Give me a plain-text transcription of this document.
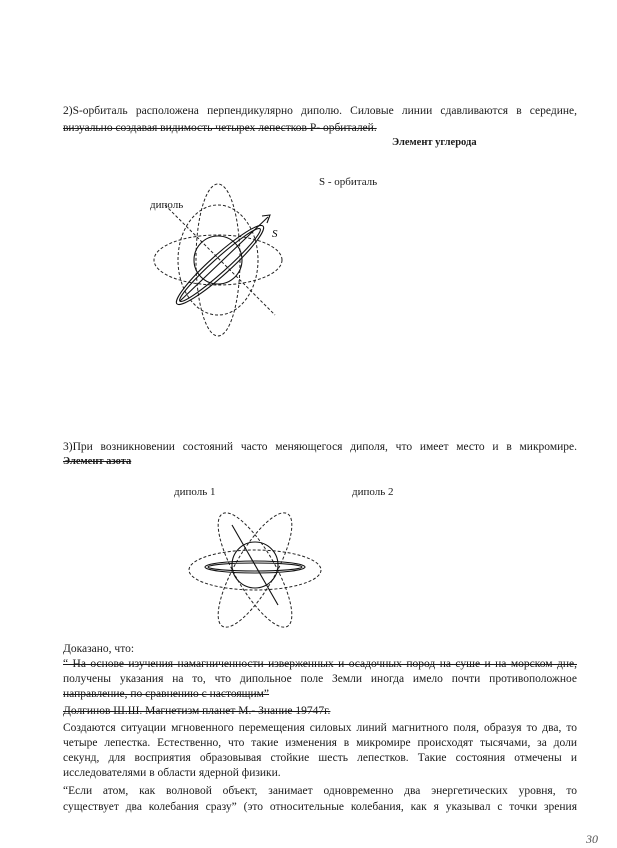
2)S-орбиталь расположена перпендикулярно диполю. Силовые линии сдавливаются в середине,
визуально создавая видимость четырех лепестков Р- орбиталей.
Элемент углерода
S - орбиталь
диполь
S
3)При возникновении состояний часто меняющегося диполя, что имеет место и в микромире.
Элемент азота
диполь 1	диполь 2
Доказано, что:
“ На основе изучения намагниченности изверженных и осадочных пород на суше и на морском дне,
получены указания на то, что дипольное поле Земли иногда имело почти противоположное
направление, по сравнению с настоящим”
Долгинов Ш.Ш. Магнетизм планет М.- Знание 19747г.
Создаются ситуации мгновенного перемещения силовых линий магнитного поля, образуя то два, то
четыре лепестка. Естественно, что такие изменения в микромире происходят тысячами, за доли
секунд, для восприятия образовывая стойкие шесть лепестков. Такие состояния отмечены и
исследователями в области ядерной физики.
“Если атом, как волновой объект, занимает одновременно два энергетических уровня, то
существует два колебания сразу” (это относительные колебания, как я указывал с точки зрения
30
